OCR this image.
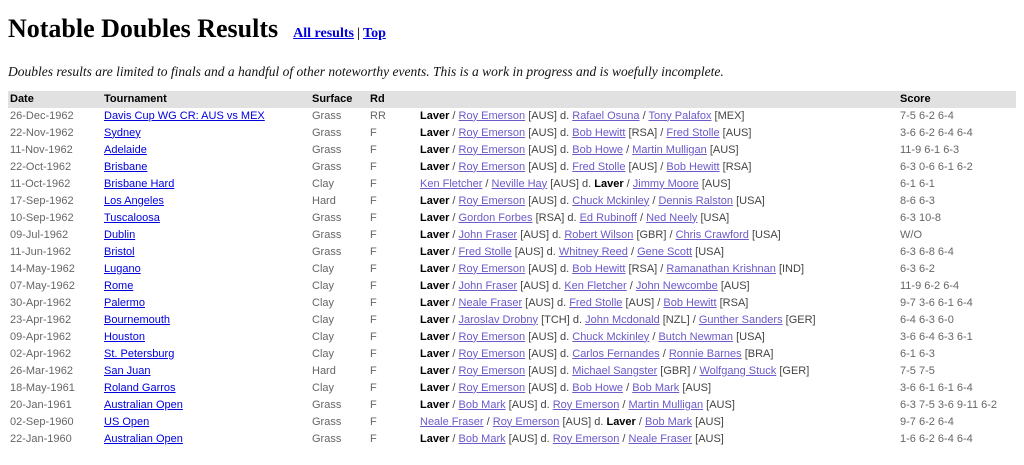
Notable Doubles Results All results | Top

Doubles results are limited to finals and a handful of other noteworthy events. This is a work in progress and is woefully incomplete.

Date	Tournament	Surface	Rd		Score
26-Dec-1962	Davis Cup WG CR: AUS vs MEX	Grass	RR	Laver / Roy Emerson [AUS] d. Rafael Osuna / Tony Palafox [MEX]	7-5 6-2 6-4
22-Nov-1962	Sydney	Grass	F	Laver / Roy Emerson [AUS] d. Bob Hewitt [RSA] / Fred Stolle [AUS]	3-6 6-2 6-4 6-4
11-Nov-1962	Adelaide	Grass	F	Laver / Roy Emerson [AUS] d. Bob Howe / Martin Mulligan [AUS]	11-9 6-1 6-3
22-Oct-1962	Brisbane	Grass	F	Laver / Roy Emerson [AUS] d. Fred Stolle [AUS] / Bob Hewitt [RSA]	6-3 0-6 6-1 6-2
11-Oct-1962	Brisbane Hard	Clay	F	Ken Fletcher / Neville Hay [AUS] d. Laver / Jimmy Moore [AUS]	6-1 6-1
17-Sep-1962	Los Angeles	Hard	F	Laver / Roy Emerson [AUS] d. Chuck Mckinley / Dennis Ralston [USA]	8-6 6-3
10-Sep-1962	Tuscaloosa	Grass	F	Laver / Gordon Forbes [RSA] d. Ed Rubinoff / Ned Neely [USA]	6-3 10-8
09-Jul-1962	Dublin	Grass	F	Laver / John Fraser [AUS] d. Robert Wilson [GBR] / Chris Crawford [USA]	W/O
11-Jun-1962	Bristol	Grass	F	Laver / Fred Stolle [AUS] d. Whitney Reed / Gene Scott [USA]	6-3 6-8 6-4
14-May-1962	Lugano	Clay	F	Laver / Roy Emerson [AUS] d. Bob Hewitt [RSA] / Ramanathan Krishnan [IND]	6-3 6-2
07-May-1962	Rome	Clay	F	Laver / John Fraser [AUS] d. Ken Fletcher / John Newcombe [AUS]	11-9 6-2 6-4
30-Apr-1962	Palermo	Clay	F	Laver / Neale Fraser [AUS] d. Fred Stolle [AUS] / Bob Hewitt [RSA]	9-7 3-6 6-1 6-4
23-Apr-1962	Bournemouth	Clay	F	Laver / Jaroslav Drobny [TCH] d. John Mcdonald [NZL] / Gunther Sanders [GER]	6-4 6-3 6-0
09-Apr-1962	Houston	Clay	F	Laver / Roy Emerson [AUS] d. Chuck Mckinley / Butch Newman [USA]	3-6 6-4 6-3 6-1
02-Apr-1962	St. Petersburg	Clay	F	Laver / Roy Emerson [AUS] d. Carlos Fernandes / Ronnie Barnes [BRA]	6-1 6-3
26-Mar-1962	San Juan	Hard	F	Laver / Roy Emerson [AUS] d. Michael Sangster [GBR] / Wolfgang Stuck [GER]	7-5 7-5
18-May-1961	Roland Garros	Clay	F	Laver / Roy Emerson [AUS] d. Bob Howe / Bob Mark [AUS]	3-6 6-1 6-1 6-4
20-Jan-1961	Australian Open	Grass	F	Laver / Bob Mark [AUS] d. Roy Emerson / Martin Mulligan [AUS]	6-3 7-5 3-6 9-11 6-2
02-Sep-1960	US Open	Grass	F	Neale Fraser / Roy Emerson [AUS] d. Laver / Bob Mark [AUS]	9-7 6-2 6-4
22-Jan-1960	Australian Open	Grass	F	Laver / Bob Mark [AUS] d. Roy Emerson / Neale Fraser [AUS]	1-6 6-2 6-4 6-4
